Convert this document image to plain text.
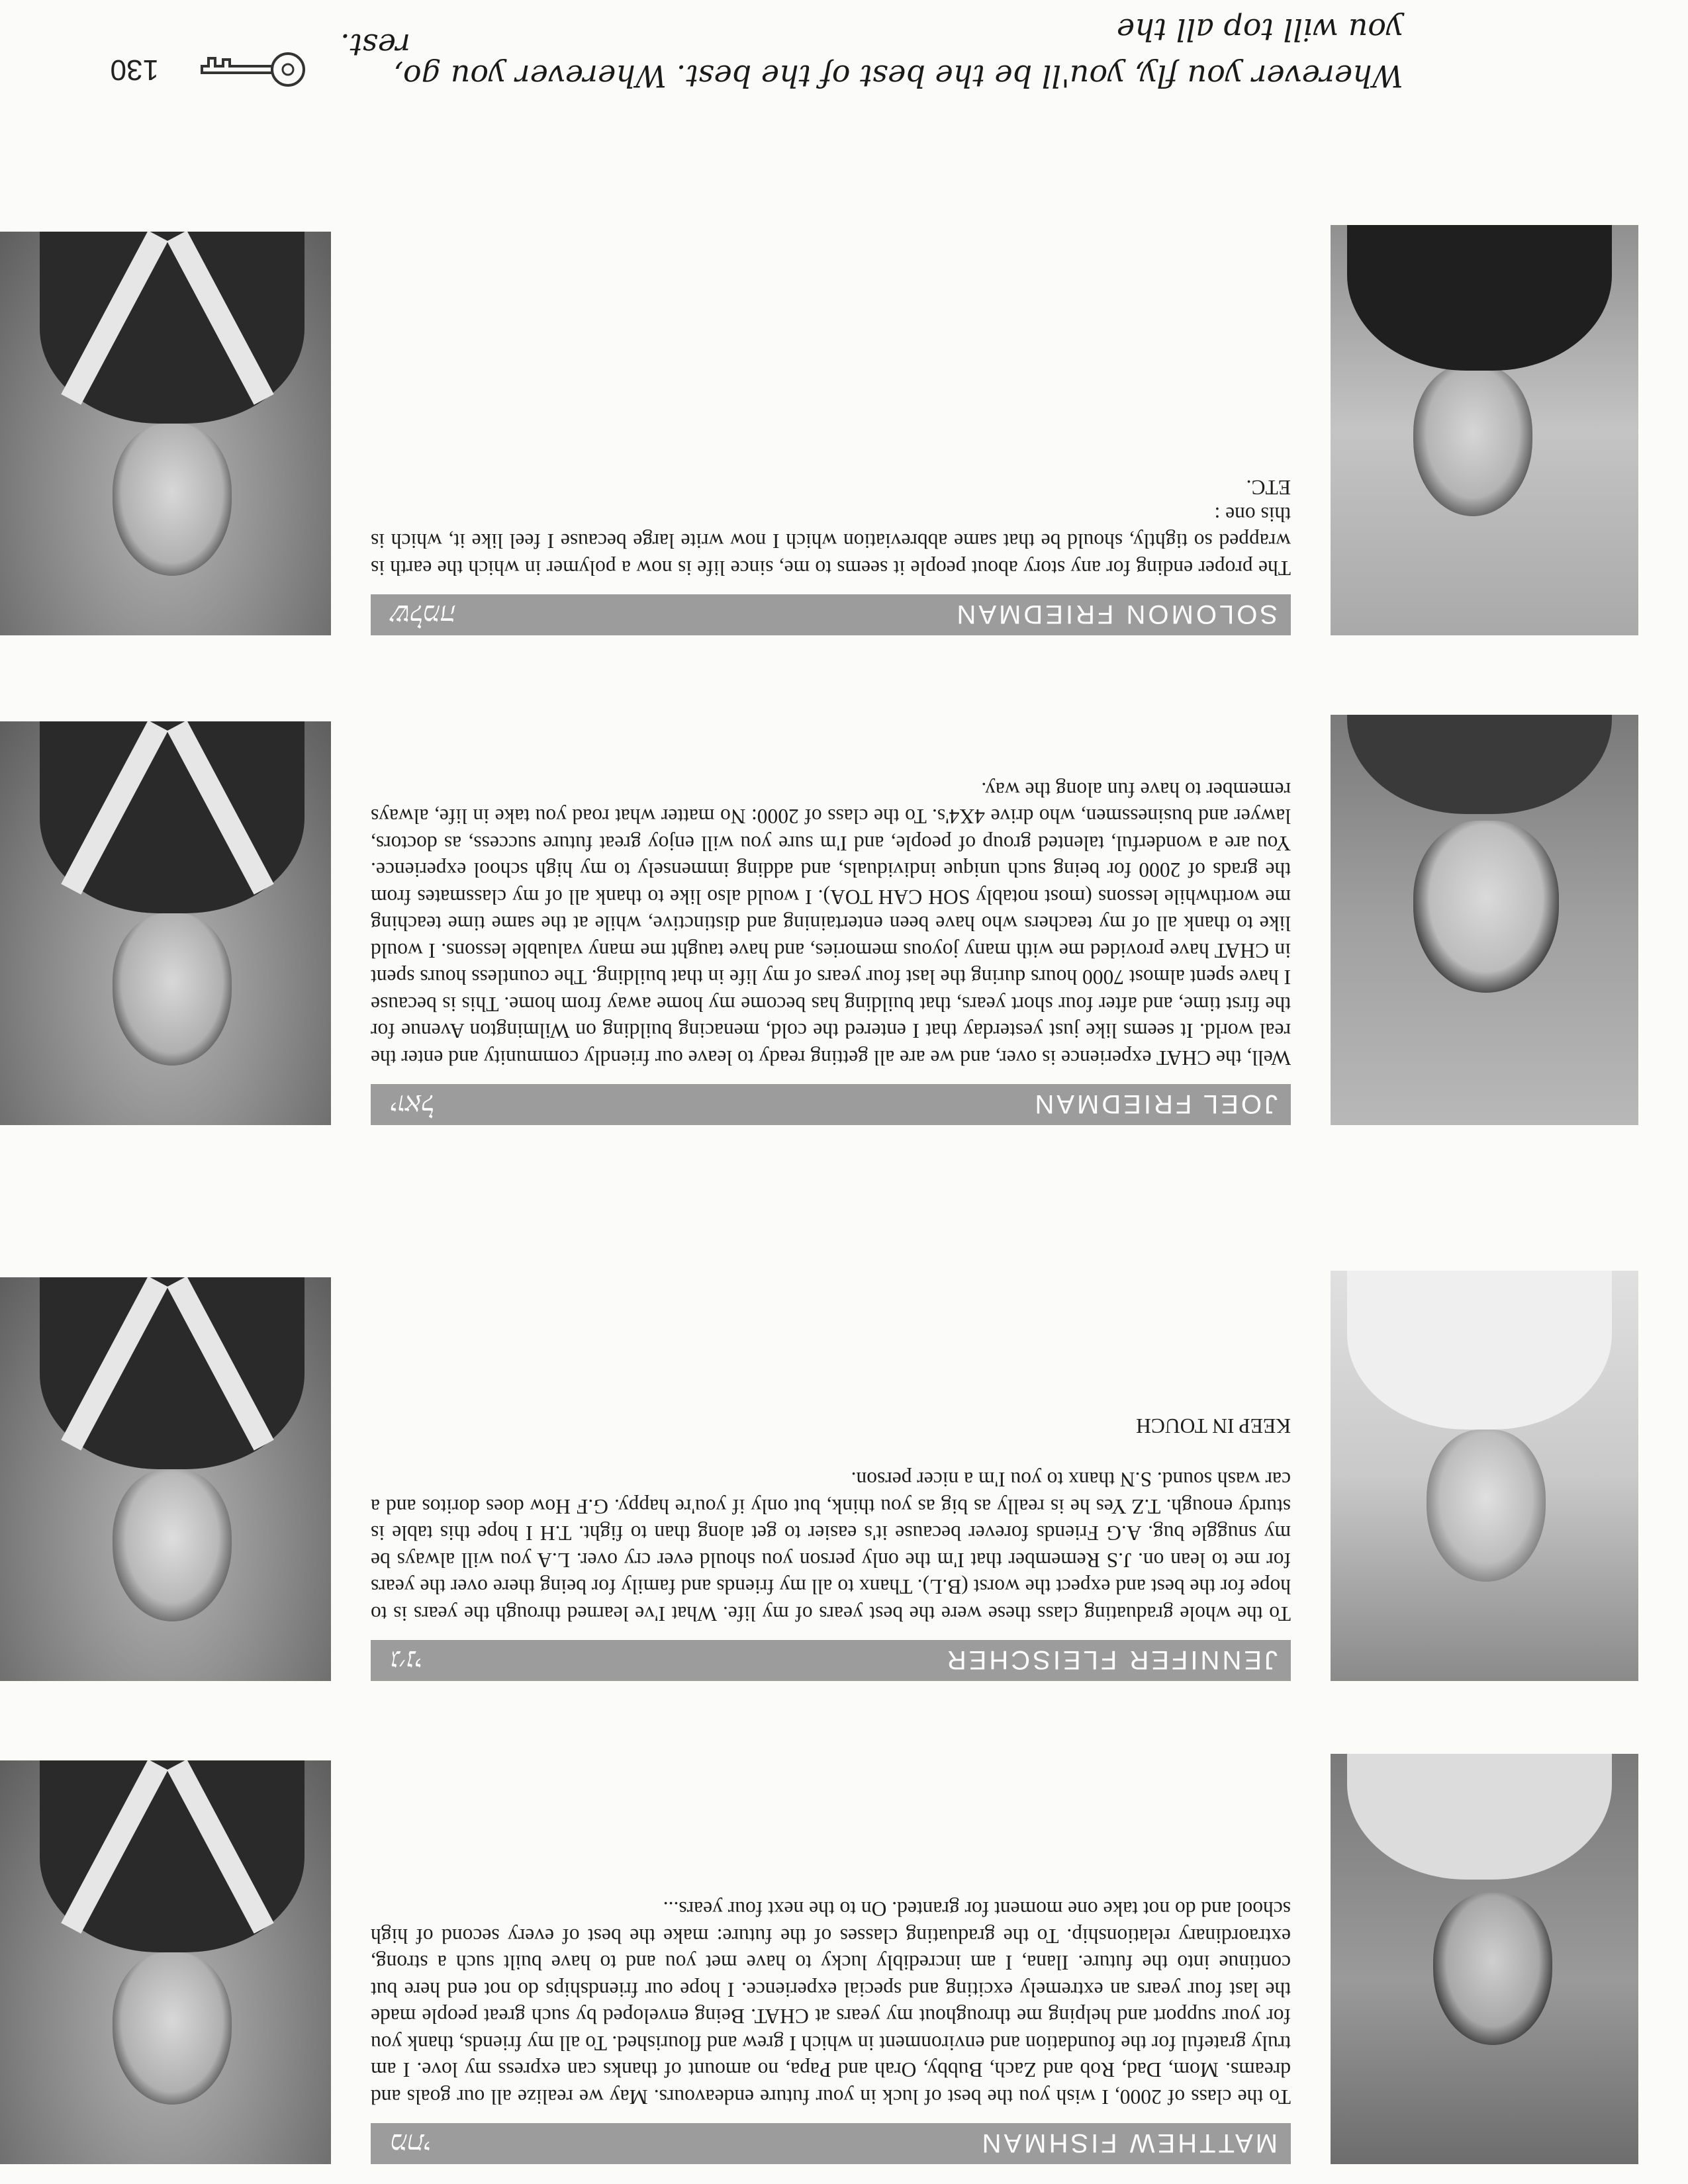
MATTHEW FISHMAN
מתי

To the class of 2000, I wish you the best of luck in your future endeavours. May we realize all our goals and dreams. Mom, Dad, Rob and Zach, Bubby, Orah and Papa, no amount of thanks can express my love. I am truly grateful for the foundation and environment in which I grew and flourished. To all my friends, thank you for your support and helping me throughout my years at CHAT. Being enveloped by such great people made the last four years an extremely exciting and special experience. I hope our friendships do not end here but continue into the future. Ilana, I am incredibly lucky to have met you and to have built such a strong, extraordinary relationship. To the graduating classes of the future: make the best of every second of high school and do not take one moment for granted. On to the next four years...

JENNIFER FLEISCHER
ג׳ני

To the whole graduating class these were the best years of my life. What I've learned through the years is to hope for the best and expect the worst (B.L). Thanx to all my friends and family for being there over the years for me to lean on. J.S Remember that I'm the only person you should ever cry over. L.A you will always be my snuggle bug. A.G Friends forever because it's easier to get along than to fight. T.H I hope this table is sturdy enough. T.Z Yes he is really as big as you think, but only if you're happy. G.F How does doritos and a car wash sound. S.N thanx to you I'm a nicer person.

KEEP IN TOUCH

JOEL FRIEDMAN
יואל

Well, the CHAT experience is over, and we are all getting ready to leave our friendly community and enter the real world. It seems like just yesterday that I entered the cold, menacing building on Wilmington Avenue for the first time, and after four short years, that building has become my home away from home. This is because I have spent almost 7000 hours during the last four years of my life in that building. The countless hours spent in CHAT have provided me with many joyous memories, and have taught me many valuable lessons. I would like to thank all of my teachers who have been entertaining and distinctive, while at the same time teaching me worthwhile lessons (most notably SOH CAH TOA). I would also like to thank all of my classmates from the grads of 2000 for being such unique individuals, and adding immensely to my high school experience. You are a wonderful, talented group of people, and I'm sure you will enjoy great future success, as doctors, lawyer and businessmen, who drive 4X4's. To the class of 2000: No matter what road you take in life, always remember to have fun along the way.

SOLOMON FRIEDMAN
שלמה

The proper ending for any story about people it seems to me, since life is now a polymer in which the earth is wrapped so tightly, should be that same abbreviation which I now write large because I feel like it, which is this one :

ETC.

Wherever you fly, you'll be the best of the best. Wherever you go, you will top all the
rest.
130
